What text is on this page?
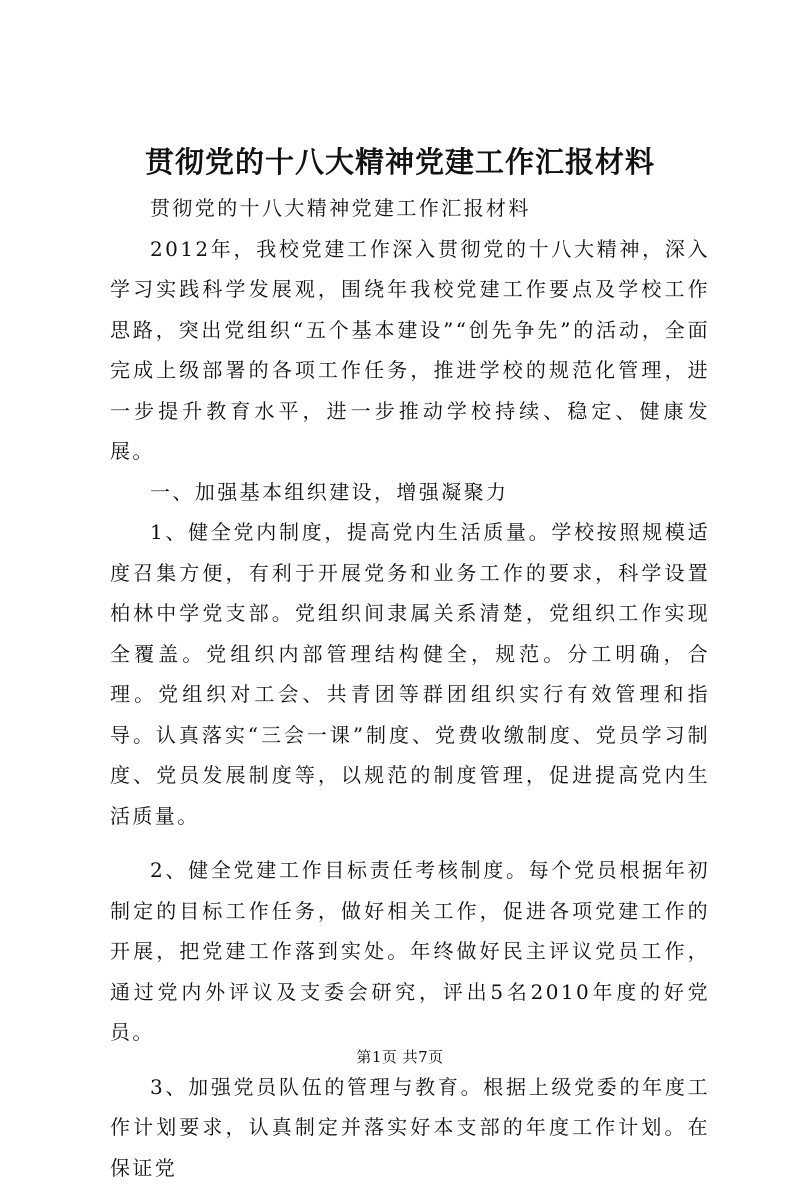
贯彻党的十八大精神党建工作汇报材料

贯彻党的十八大精神党建工作汇报材料

2012年，我校党建工作深入贯彻党的十八大精神，深入学习实践科学发展观，围绕年我校党建工作要点及学校工作思路，突出党组织“五个基本建设”“创先争先”的活动，全面完成上级部署的各项工作任务，推进学校的规范化管理，进一步提升教育水平，进一步推动学校持续、稳定、健康发展。

一、加强基本组织建设，增强凝聚力

1、健全党内制度，提高党内生活质量。学校按照规模适度召集方便，有利于开展党务和业务工作的要求，科学设置柏林中学党支部。党组织间隶属关系清楚，党组织工作实现全覆盖。党组织内部管理结构健全，规范。分工明确，合理。党组织对工会、共青团等群团组织实行有效管理和指导。认真落实“三会一课”制度、党费收缴制度、党员学习制度、党员发展制度等，以规范的制度管理，促进提高党内生活质量。

2、健全党建工作目标责任考核制度。每个党员根据年初制定的目标工作任务，做好相关工作，促进各项党建工作的开展，把党建工作落到实处。年终做好民主评议党员工作，通过党内外评议及支委会研究，评出5名2010年度的好党员。

3、加强党员队伍的管理与教育。根据上级党委的年度工作计划要求，认真制定并落实好本支部的年度工作计划。在保证党

第1页 共7页
